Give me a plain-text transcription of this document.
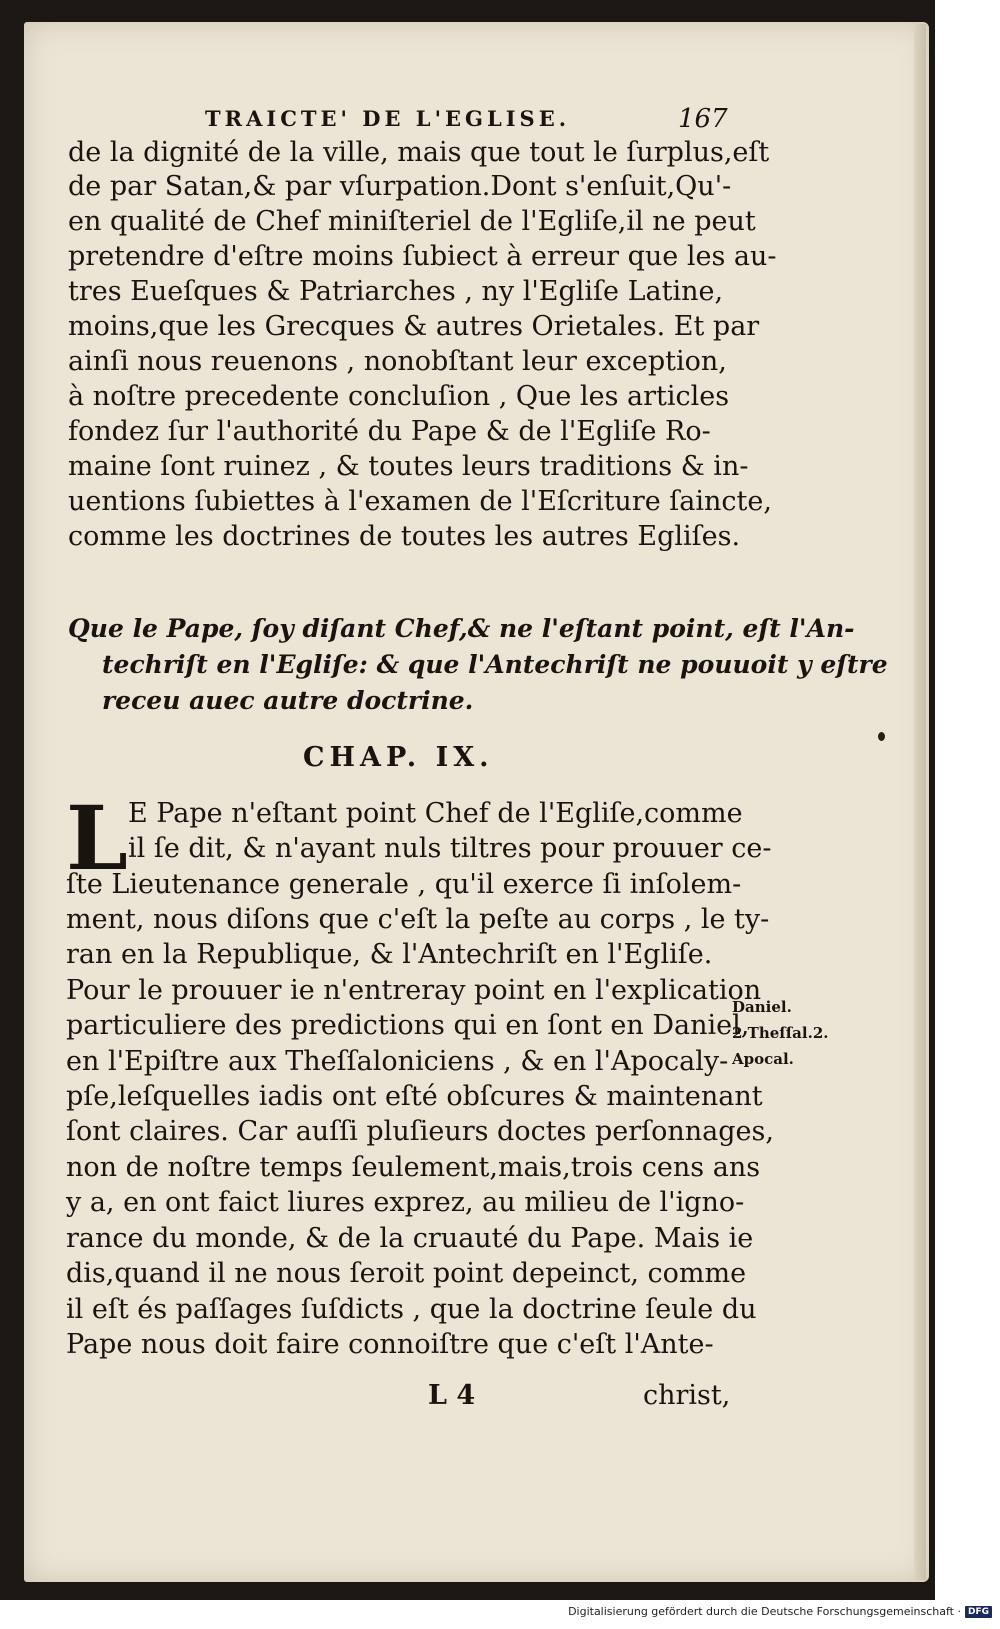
TRAICTE' DE L'EGLISE.	167
de la dignité de la ville, mais que tout le ſurplus,eſt
de par Satan,& par vſurpation.Dont s'enſuit,Qu'-
en qualité de Chef miniſteriel de l'Egliſe,il ne peut
pretendre d'eſtre moins ſubiect à erreur que les au-
tres Eueſques & Patriarches , ny l'Egliſe Latine,
moins,que les Grecques & autres Orietales. Et par
ainſi nous reuenons , nonobſtant leur exception,
à noſtre precedente concluſion , Que les articles
fondez ſur l'authorité du Pape & de l'Egliſe Ro-
maine ſont ruinez , & toutes leurs traditions & in-
uentions ſubiettes à l'examen de l'Eſcriture ſaincte,
comme les doctrines de toutes les autres Egliſes.
Que le Pape, ſoy diſant Chef,& ne l'eſtant point, eſt l'An-
techriſt en l'Egliſe: & que l'Antechriſt ne pouuoit y eſtre
receu auec autre doctrine.
CHAP. IX.
L E Pape n'eſtant point Chef de l'Egliſe,comme
il ſe dit, & n'ayant nuls tiltres pour prouuer ce-
ſte Lieutenance generale , qu'il exerce ſi inſolem-
ment, nous diſons que c'eſt la peſte au corps , le ty-
ran en la Republique, & l'Antechriſt en l'Egliſe.
Pour le prouuer ie n'entreray point en l'explication
particuliere des predictions qui en ſont en Daniel,
en l'Epiſtre aux Theſſaloniciens , & en l'Apocaly-
pſe,leſquelles iadis ont eſté obſcures & maintenant
ſont claires. Car auſſi pluſieurs doctes perſonnages,
non de noſtre temps ſeulement,mais,trois cens ans
y a, en ont faict liures exprez, au milieu de l'igno-
rance du monde, & de la cruauté du Pape. Mais ie
dis,quand il ne nous ſeroit point depeinct, comme
il eſt és paſſages ſuſdicts , que la doctrine ſeule du
Pape nous doit faire connoiſtre que c'eſt l'Ante-
Daniel.
2 Theſſal.2.
Apocal.
L 4	christ,
Digitalisierung gefördert durch die Deutsche Forschungsgemeinschaft · DFG
